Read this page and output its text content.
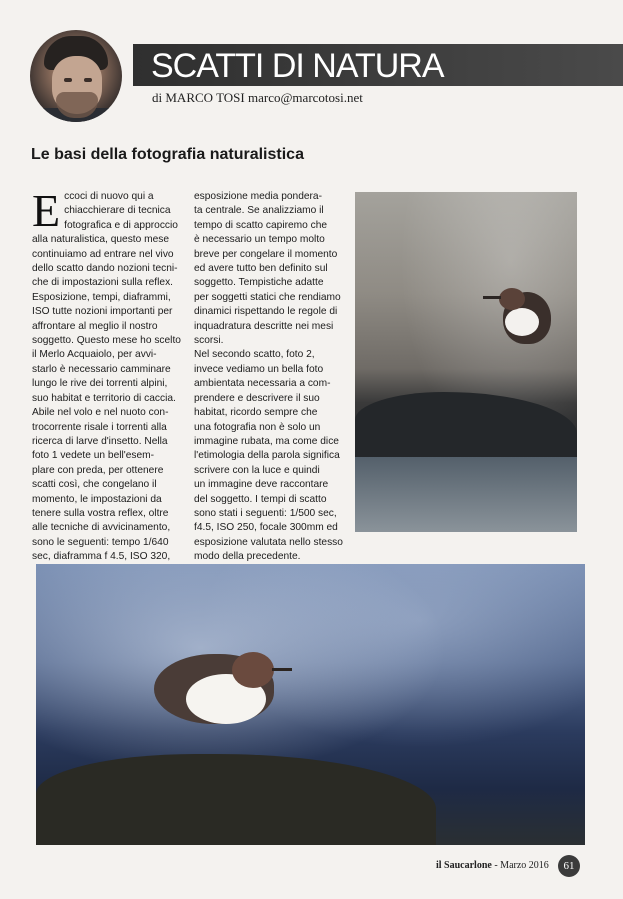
SCATTI DI NATURA
di MARCO TOSI marco@marcotosi.net
Le basi della fotografia naturalistica
E ccoci di nuovo qui a
chiacchierare di tecnica
fotografica e di approccio
alla naturalistica, questo mese
continuiamo ad entrare nel vivo
dello scatto dando nozioni tecni-
che di impostazioni sulla reflex.
Esposizione, tempi, diaframmi,
ISO tutte nozioni importanti per
affrontare al meglio il nostro
soggetto. Questo mese ho scelto
il Merlo Acquaiolo, per avvi-
starlo è necessario camminare
lungo le rive dei torrenti alpini,
suo habitat e territorio di caccia.
Abile nel volo e nel nuoto con-
trocorrente risale i torrenti alla
ricerca di larve d'insetto. Nella
foto 1 vedete un bell'esem-
plare con preda, per ottenere
scatti così, che congelano il
momento, le impostazioni da
tenere sulla vostra reflex, oltre
alle tecniche di avvicinamento,
sono le seguenti: tempo 1/640
sec, diaframma f 4.5, ISO 320,

esposizione media pondera-
ta centrale. Se analizziamo il
tempo di scatto capiremo che
è necessario un tempo molto
breve per congelare il momento
ed avere tutto ben definito sul
soggetto. Tempistiche adatte
per soggetti statici che rendiamo
dinamici rispettando le regole di
inquadratura descritte nei mesi
scorsi.
Nel secondo scatto, foto 2,
invece vediamo un bella foto
ambientata necessaria a com-
prendere e descrivere il suo
habitat, ricordo sempre che
una fotografia non è solo un
immagine rubata, ma come dice
l'etimologia della parola significa
scrivere con la luce e quindi
un immagine deve raccontare
del soggetto. I tempi di scatto
sono stati i seguenti: 1/500 sec,
f4.5, ISO 250, focale 300mm ed
esposizione valutata nello stesso
modo della precedente.

il Saucarlone - Marzo 2016	61
